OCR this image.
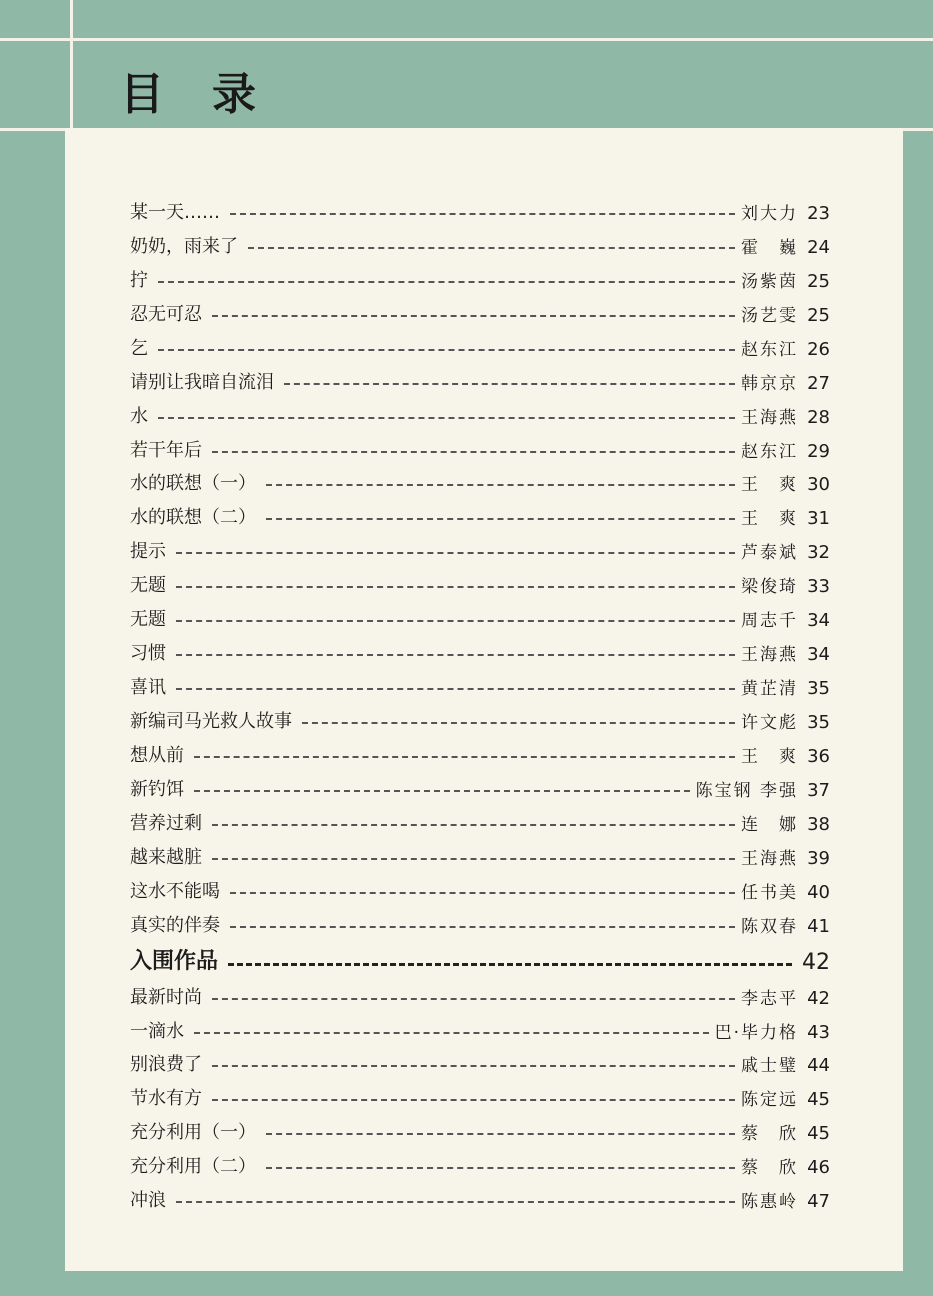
目录
某一天……	刘大力 23
奶奶，雨来了	霍　巍 24
拧	汤紫茵 25
忍无可忍	汤艺雯 25
乞	赵东江 26
请别让我暗自流泪	韩京京 27
水	王海燕 28
若干年后	赵东江 29
水的联想（一）	王　爽 30
水的联想（二）	王　爽 31
提示	芦泰斌 32
无题	梁俊琦 33
无题	周志千 34
习惯	王海燕 34
喜讯	黄芷清 35
新编司马光救人故事	许文彪 35
想从前	王　爽 36
新钓饵	陈宝钢 李强 37
营养过剩	连　娜 38
越来越脏	王海燕 39
这水不能喝	任书美 40
真实的伴奏	陈双春 41
入围作品	42
最新时尚	李志平 42
一滴水	巴·毕力格 43
别浪费了	戚士璧 44
节水有方	陈定远 45
充分利用（一）	蔡　欣 45
充分利用（二）	蔡　欣 46
冲浪	陈惠岭 47
